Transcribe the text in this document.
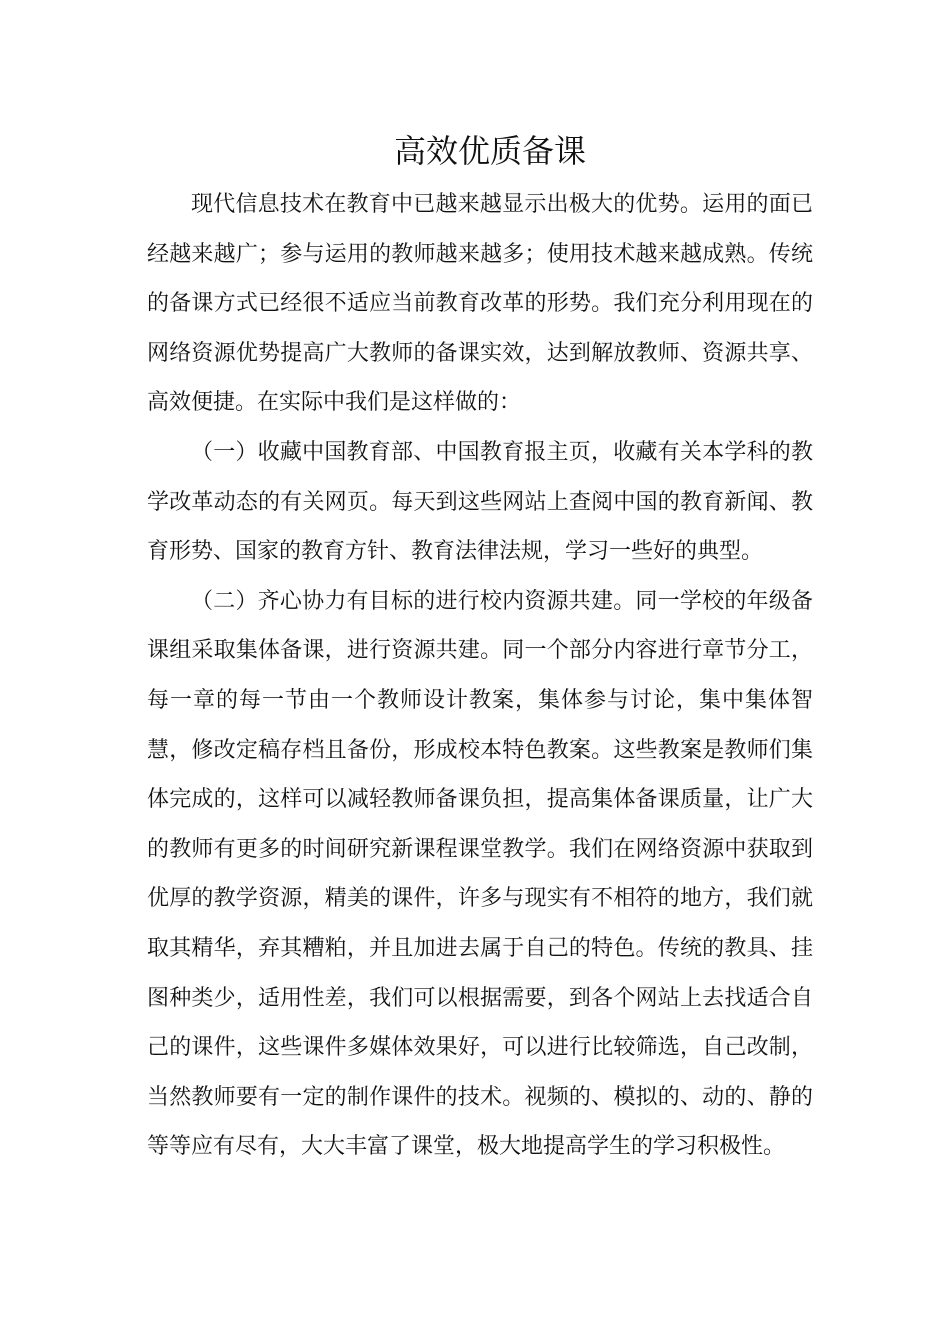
高效优质备课

现代信息技术在教育中已越来越显示出极大的优势。运用的面已经越来越广；参与运用的教师越来越多；使用技术越来越成熟。传统的备课方式已经很不适应当前教育改革的形势。我们充分利用现在的网络资源优势提高广大教师的备课实效，达到解放教师、资源共享、高效便捷。在实际中我们是这样做的：

（一）收藏中国教育部、中国教育报主页，收藏有关本学科的教学改革动态的有关网页。每天到这些网站上查阅中国的教育新闻、教育形势、国家的教育方针、教育法律法规，学习一些好的典型。

（二）齐心协力有目标的进行校内资源共建。同一学校的年级备课组采取集体备课，进行资源共建。同一个部分内容进行章节分工，每一章的每一节由一个教师设计教案，集体参与讨论，集中集体智慧，修改定稿存档且备份，形成校本特色教案。这些教案是教师们集体完成的，这样可以减轻教师备课负担，提高集体备课质量，让广大的教师有更多的时间研究新课程课堂教学。我们在网络资源中获取到优厚的教学资源，精美的课件，许多与现实有不相符的地方，我们就取其精华，弃其糟粕，并且加进去属于自己的特色。传统的教具、挂图种类少，适用性差，我们可以根据需要，到各个网站上去找适合自己的课件，这些课件多媒体效果好，可以进行比较筛选，自己改制，当然教师要有一定的制作课件的技术。视频的、模拟的、动的、静的等等应有尽有，大大丰富了课堂，极大地提高学生的学习积极性。
